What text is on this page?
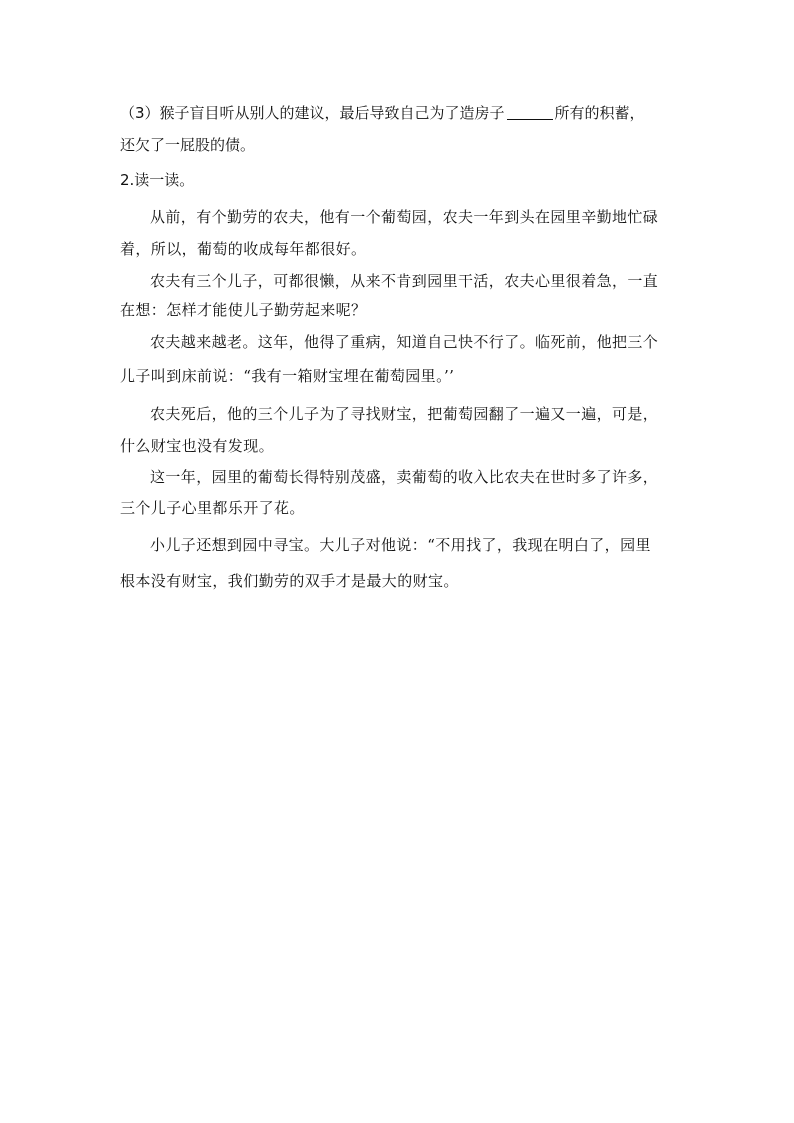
（3）猴子盲目听从别人的建议，最后导致自己为了造房子	所有的积蓄，
还欠了一屁股的债。
2.读一读。
从前，有个勤劳的农夫，他有一个葡萄园，农夫一年到头在园里辛勤地忙碌
着，所以，葡萄的收成每年都很好。
农夫有三个儿子，可都很懒，从来不肯到园里干活，农夫心里很着急，一直
在想：怎样才能使儿子勤劳起来呢？
农夫越来越老。这年，他得了重病，知道自己快不行了。临死前，他把三个
儿子叫到床前说：“我有一箱财宝埋在葡萄园里。’’
农夫死后，他的三个儿子为了寻找财宝，把葡萄园翻了一遍又一遍，可是，
什么财宝也没有发现。
这一年，园里的葡萄长得特别茂盛，卖葡萄的收入比农夫在世时多了许多，
三个儿子心里都乐开了花。
小儿子还想到园中寻宝。大儿子对他说：“不用找了，我现在明白了，园里
根本没有财宝，我们勤劳的双手才是最大的财宝。
